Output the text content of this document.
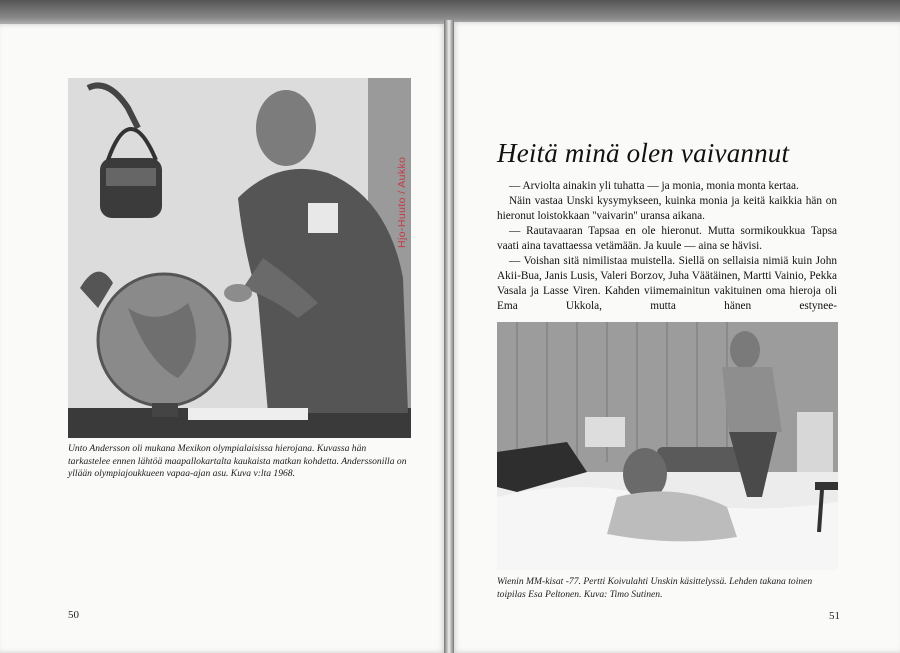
Unto Andersson oli mukana Mexikon olympialaisissa hierojana. Kuvassa hän tarkastelee ennen lähtöä maapallokartalta kaukaista matkan kohdetta. Anderssonilla on yllään olympiajoukkueen vapaa-ajan asu. Kuva v:lta 1968.
50
Hjo-Huuto / Aukko
Heitä minä olen vaivannut

— Arviolta ainakin yli tuhatta — ja monia, monia monta kertaa.

Näin vastaa Unski kysymykseen, kuinka monia ja keitä kaikkia hän on hieronut loistokkaan ''vaivarin'' uransa aikana.

— Rautavaaran Tapsaa en ole hieronut. Mutta sormikoukkua Tapsa vaati aina tavattaessa vetämään. Ja kuule — aina se hävisi.

— Voishan sitä nimilistaa muistella. Siellä on sellaisia nimiä kuin John Akii-Bua, Janis Lusis, Valeri Borzov, Juha Väätäinen, Martti Vainio, Pekka Vasala ja Lasse Viren. Kahden viimemainitun vakituinen oma hieroja oli Ema Ukkola, mutta hänen estynee-

Wienin MM-kisat -77. Pertti Koivulahti Unskin käsittelyssä. Lehden takana toinen toipilas Esa Peltonen. Kuva: Timo Sutinen.
51
